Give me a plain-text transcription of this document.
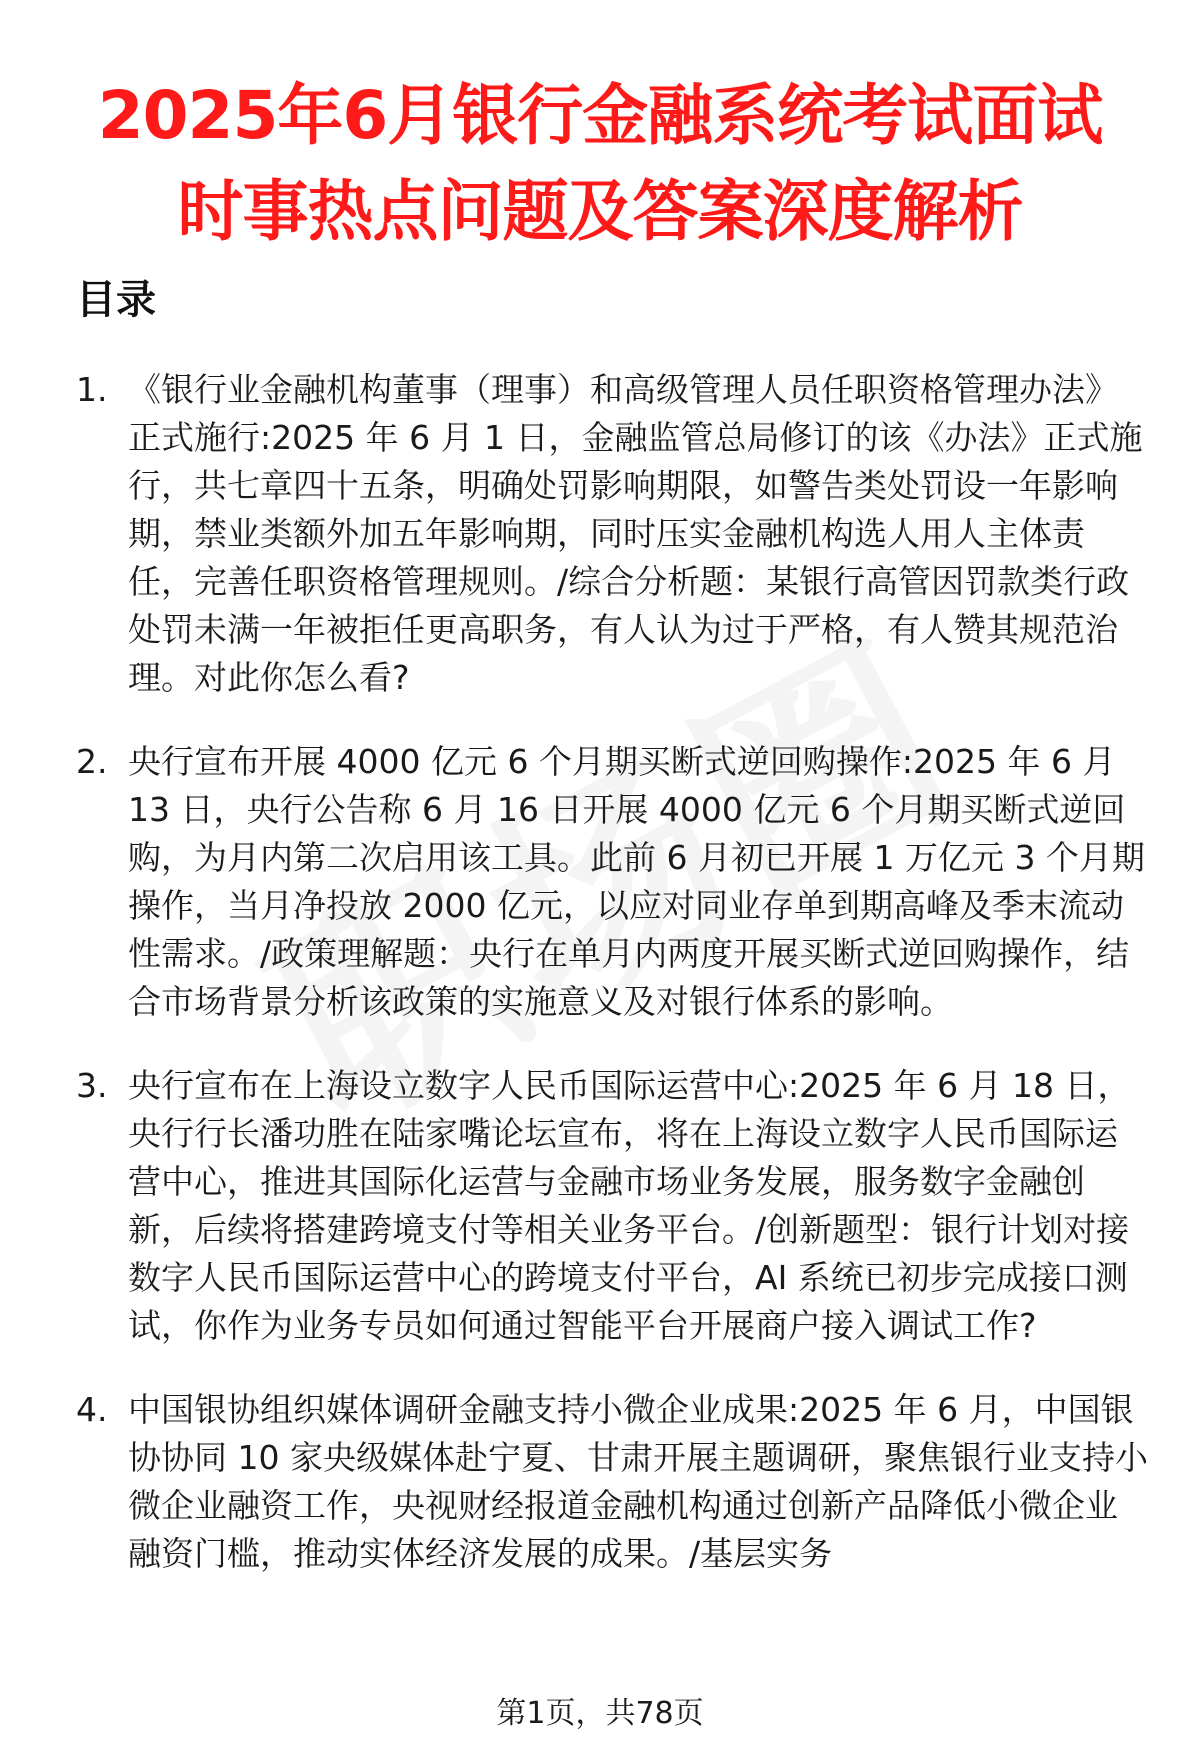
2025年6月银行金融系统考试面试
时事热点问题及答案深度解析
目录
1. 《银行业金融机构董事（理事）和高级管理人员任职资格管理办法》正式施行:2025 年 6 月 1 日，金融监管总局修订的该《办法》正式施行，共七章四十五条，明确处罚影响期限，如警告类处罚设一年影响期，禁业类额外加五年影响期，同时压实金融机构选人用人主体责任，完善任职资格管理规则。/综合分析题：某银行高管因罚款类行政处罚未满一年被拒任更高职务，有人认为过于严格，有人赞其规范治理。对此你怎么看?
2. 央行宣布开展 4000 亿元 6 个月期买断式逆回购操作:2025 年 6 月 13 日，央行公告称 6 月 16 日开展 4000 亿元 6 个月期买断式逆回购，为月内第二次启用该工具。此前 6 月初已开展 1 万亿元 3 个月期操作，当月净投放 2000 亿元，以应对同业存单到期高峰及季末流动性需求。/政策理解题：央行在单月内两度开展买断式逆回购操作，结合市场背景分析该政策的实施意义及对银行体系的影响。
3. 央行宣布在上海设立数字人民币国际运营中心:2025 年 6 月 18 日，央行行长潘功胜在陆家嘴论坛宣布，将在上海设立数字人民币国际运营中心，推进其国际化运营与金融市场业务发展，服务数字金融创新，后续将搭建跨境支付等相关业务平台。/创新题型：银行计划对接数字人民币国际运营中心的跨境支付平台，AI 系统已初步完成接口测试，你作为业务专员如何通过智能平台开展商户接入调试工作?
4. 中国银协组织媒体调研金融支持小微企业成果:2025 年 6 月，中国银协协同 10 家央级媒体赴宁夏、甘肃开展主题调研，聚焦银行业支持小微企业融资工作，央视财经报道金融机构通过创新产品降低小微企业融资门槛，推动实体经济发展的成果。/基层实务
第1页，共78页
